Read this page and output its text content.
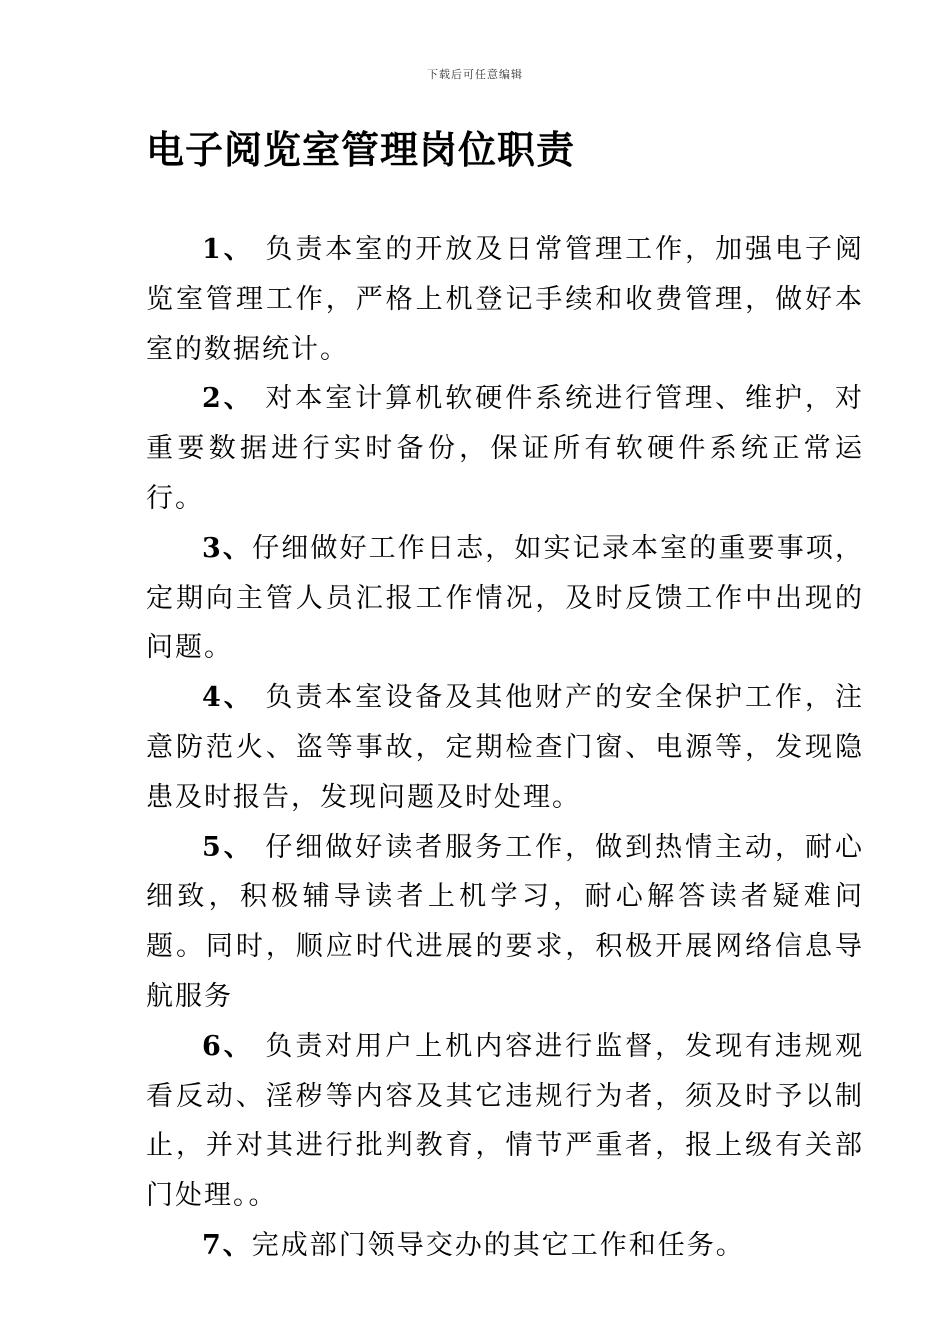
下载后可任意编辑
电子阅览室管理岗位职责

1、 负责本室的开放及日常管理工作，加强电子阅览室管理工作，严格上机登记手续和收费管理，做好本室的数据统计。

2、 对本室计算机软硬件系统进行管理、维护，对重要数据进行实时备份，保证所有软硬件系统正常运行。

3、仔细做好工作日志，如实记录本室的重要事项，定期向主管人员汇报工作情况，及时反馈工作中出现的问题。

4、 负责本室设备及其他财产的安全保护工作，注意防范火、盗等事故，定期检查门窗、电源等，发现隐患及时报告，发现问题及时处理。

5、 仔细做好读者服务工作，做到热情主动，耐心细致，积极辅导读者上机学习，耐心解答读者疑难问题。同时，顺应时代进展的要求，积极开展网络信息导航服务

6、 负责对用户上机内容进行监督，发现有违规观看反动、淫秽等内容及其它违规行为者，须及时予以制止，并对其进行批判教育，情节严重者，报上级有关部门处理。。

7、完成部门领导交办的其它工作和任务。
